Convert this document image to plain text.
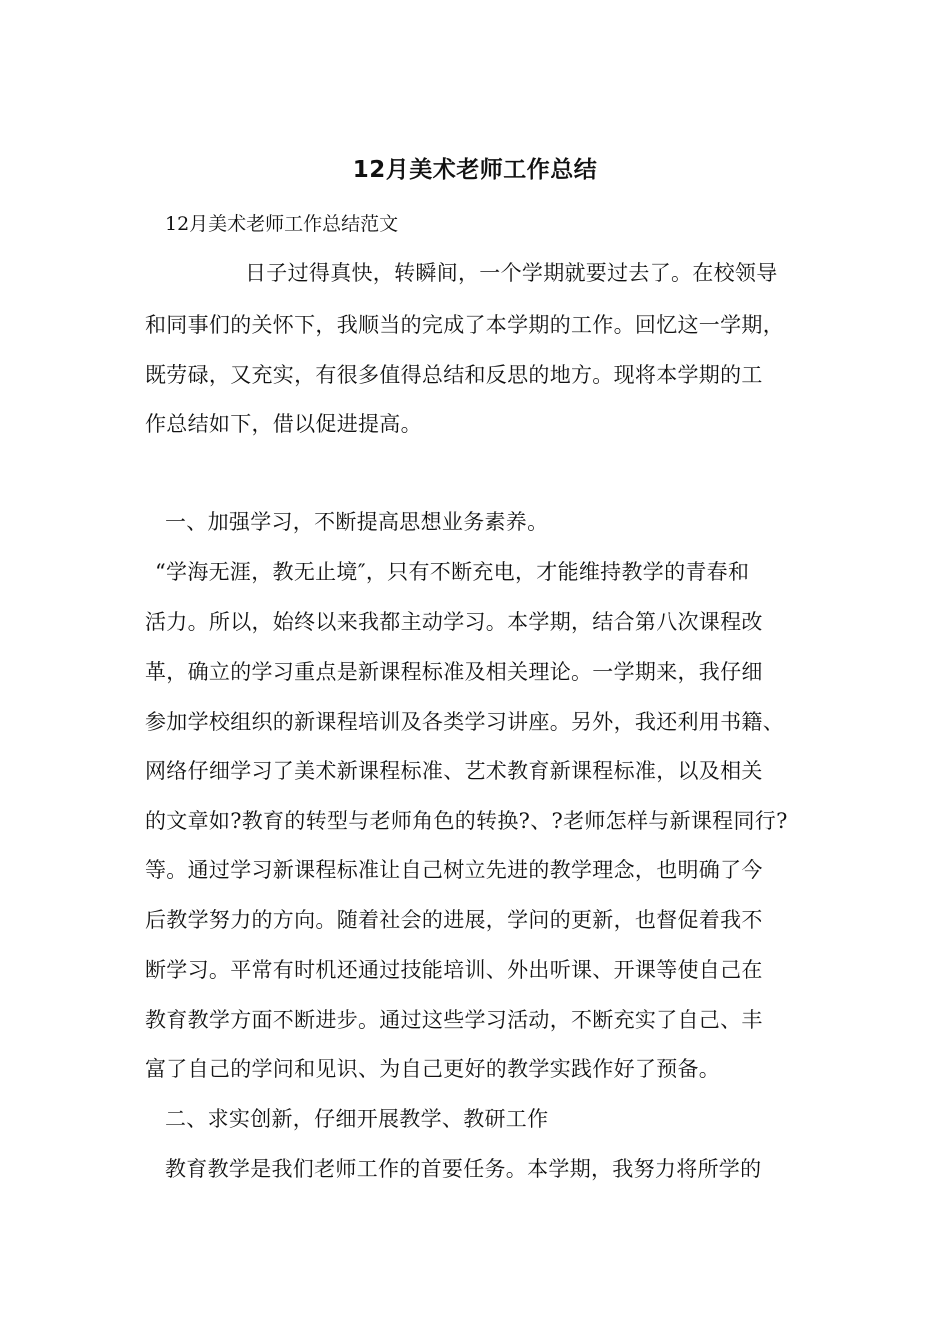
12月美术老师工作总结
12月美术老师工作总结范文
日子过得真快，转瞬间，一个学期就要过去了。在校领导
和同事们的关怀下，我顺当的完成了本学期的工作。回忆这一学期，
既劳碌，又充实，有很多值得总结和反思的地方。现将本学期的工
作总结如下，借以促进提高。
一、加强学习，不断提高思想业务素养。
“学海无涯，教无止境″，只有不断充电，才能维持教学的青春和
活力。所以，始终以来我都主动学习。本学期，结合第八次课程改
革，确立的学习重点是新课程标准及相关理论。一学期来，我仔细
参加学校组织的新课程培训及各类学习讲座。另外，我还利用书籍、
网络仔细学习了美术新课程标准、艺术教育新课程标准，以及相关
的文章如?教育的转型与老师角色的转换?、?老师怎样与新课程同行?
等。通过学习新课程标准让自己树立先进的教学理念，也明确了今
后教学努力的方向。随着社会的进展，学问的更新，也督促着我不
断学习。平常有时机还通过技能培训、外出听课、开课等使自己在
教育教学方面不断进步。通过这些学习活动，不断充实了自己、丰
富了自己的学问和见识、为自己更好的教学实践作好了预备。
二、求实创新，仔细开展教学、教研工作
教育教学是我们老师工作的首要任务。本学期，我努力将所学的
